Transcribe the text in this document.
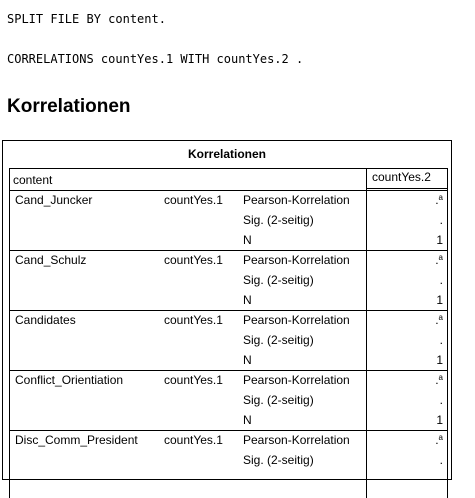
SPLIT FILE BY content.
CORRELATIONS countYes.1 WITH countYes.2 .
Korrelationen
Korrelationen
content	countYes.2
Cand_Juncker	countYes.1 Pearson-Korrelation	.$^a$
Sig. (2-seitig)	.
N	1
Cand_Schulz	countYes.1 Pearson-Korrelation	.$^a$
Sig. (2-seitig)	.
N	1
Candidates	countYes.1 Pearson-Korrelation	.$^a$
Sig. (2-seitig)	.
N	1
Conflict_Orientiation	countYes.1 Pearson-Korrelation	.$^a$
Sig. (2-seitig)	.
N	1
Disc_Comm_President countYes.1 Pearson-Korrelation	.$^a$
Sig. (2-seitig)	.
